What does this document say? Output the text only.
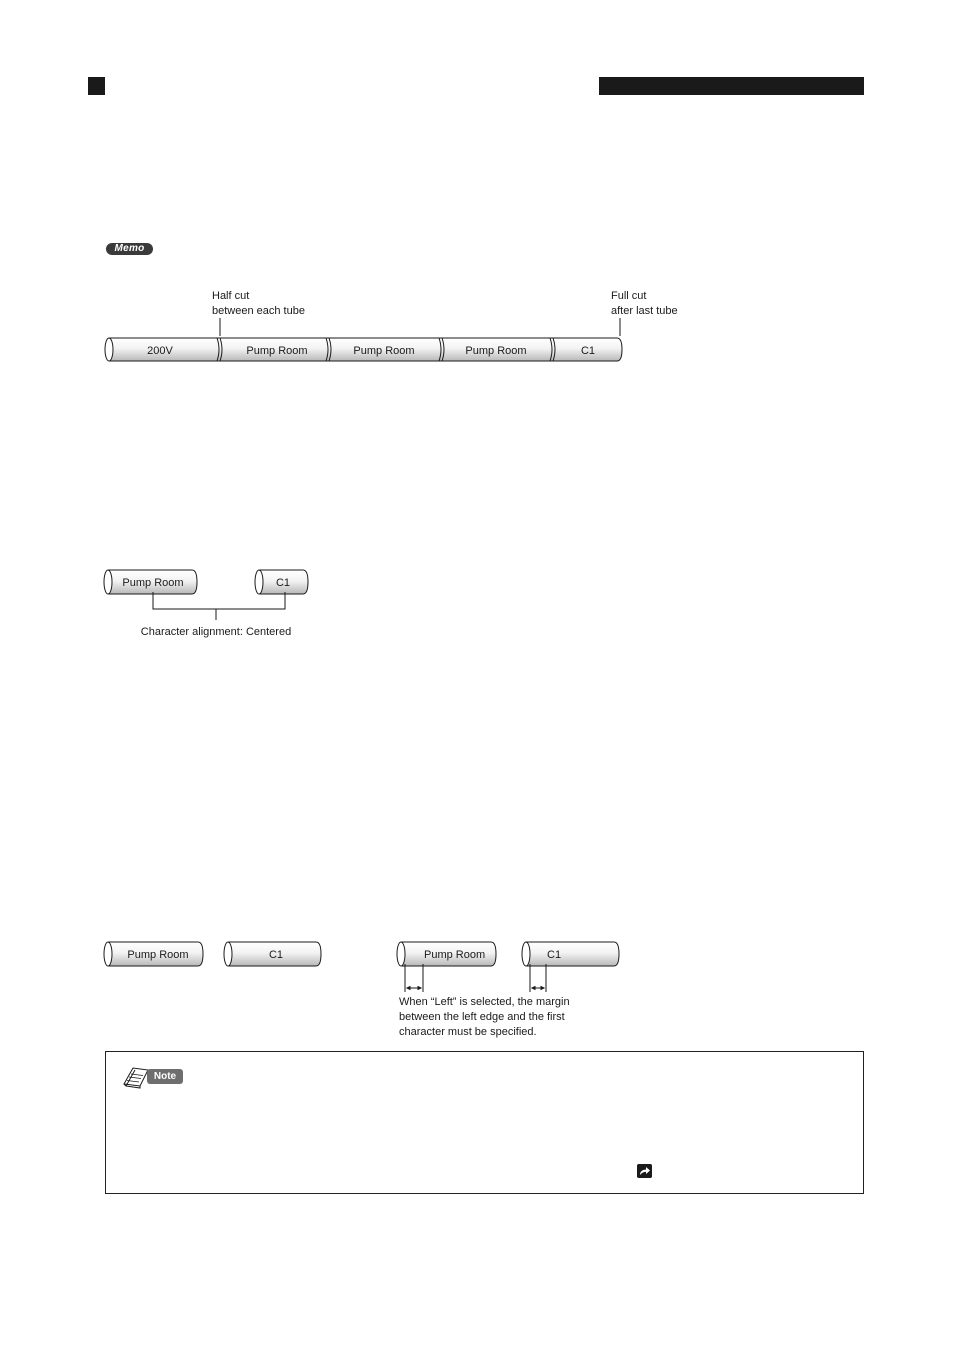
Memo
Half cut
between each tube
Full cut
after last tube
200V	Pump Room	Pump Room	Pump Room	C1
Pump Room	C1
Character alignment: Centered
Pump Room	C1	Pump Room	C1
When “Left” is selected, the margin
between the left edge and the first
character must be specified.
Note
